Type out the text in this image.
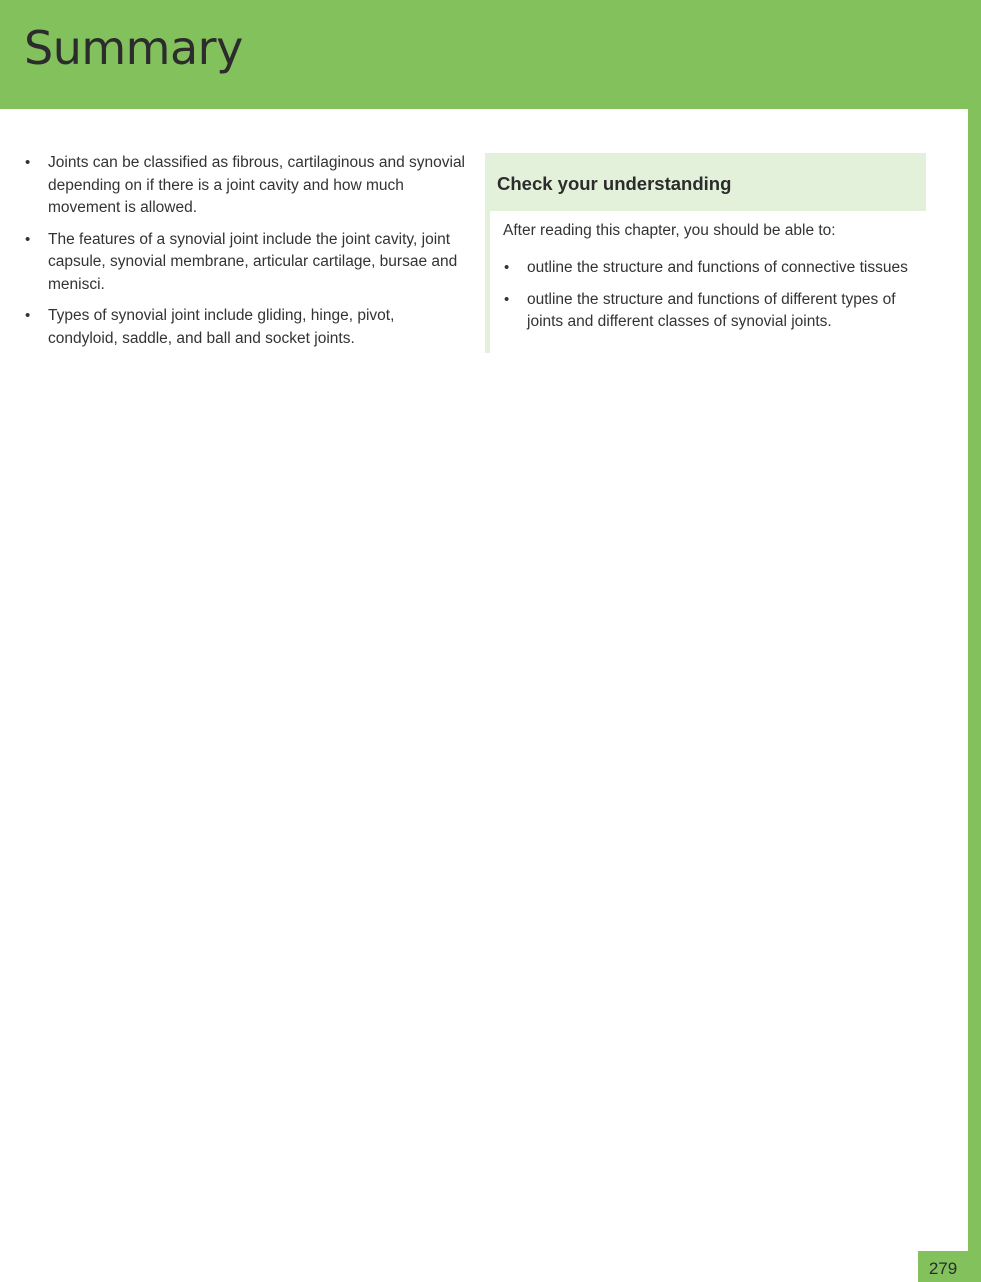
Summary
• Joints can be classified as fibrous, cartilaginous and synovial depending on if there is a joint cavity and how much movement is allowed.
• The features of a synovial joint include the joint cavity, joint capsule, synovial membrane, articular cartilage, bursae and menisci.
• Types of synovial joint include gliding, hinge, pivot, condyloid, saddle, and ball and socket joints.
Check your understanding

After reading this chapter, you should be able to:

• outline the structure and functions of connective tissues
• outline the structure and functions of different types of joints and different classes of synovial joints.
279
